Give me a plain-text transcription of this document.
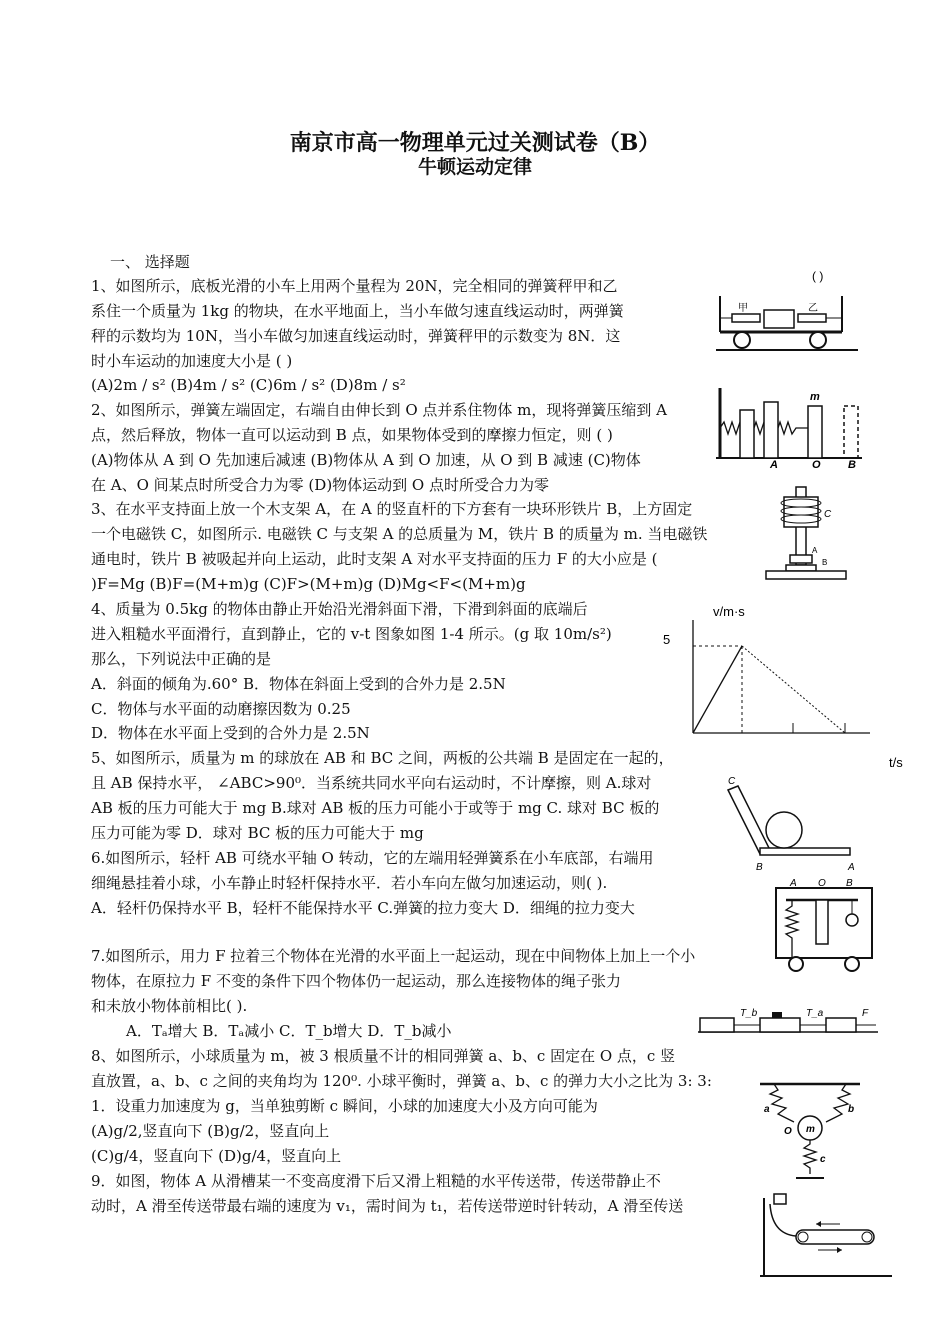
南京市高一物理单元过关测试卷（B）
牛顿运动定律
一、 选择题
1、如图所示，底板光滑的小车上用两个量程为 20N，完全相同的弹簧秤甲和乙
系住一个质量为 1kg 的物块，在水平地面上，当小车做匀速直线运动时，两弹簧
秤的示数均为 10N，当小车做匀加速直线运动时，弹簧秤甲的示数变为 8N．这
时小车运动的加速度大小是 ( )
(A)2m / s² (B)4m / s² (C)6m / s² (D)8m / s²
2、如图所示，弹簧左端固定，右端自由伸长到 O 点并系住物体 m，现将弹簧压缩到 A
点，然后释放，物体一直可以运动到 B 点，如果物体受到的摩擦力恒定，则 ( )
(A)物体从 A 到 O 先加速后减速 (B)物体从 A 到 O 加速，从 O 到 B 减速 (C)物体
在 A、O 间某点时所受合力为零 (D)物体运动到 O 点时所受合力为零
3、在水平支持面上放一个木支架 A，在 A 的竖直杆的下方套有一块环形铁片 B，上方固定
一个电磁铁 C，如图所示. 电磁铁 C 与支架 A 的总质量为 M，铁片 B 的质量为 m. 当电磁铁
通电时，铁片 B 被吸起并向上运动，此时支架 A 对水平支持面的压力 F 的大小应是 (
)F=Mg (B)F=(M+m)g (C)F>(M+m)g (D)Mg<F<(M+m)g
4、质量为 0.5kg 的物体由静止开始沿光滑斜面下滑，下滑到斜面的底端后
进入粗糙水平面滑行，直到静止，它的 v-t 图象如图 1-4 所示。(g 取 10m/s²)
那么，下列说法中正确的是
A．斜面的倾角为.60° B．物体在斜面上受到的合外力是 2.5N
C．物体与水平面的动磨擦因数为 0.25
D．物体在水平面上受到的合外力是 2.5N
5、如图所示，质量为 m 的球放在 AB 和 BC 之间，两板的公共端 B 是固定在一起的，
且 AB 保持水平， ∠ABC>90⁰．当系统共同水平向右运动时，不计摩擦，则 A.球对
AB 板的压力可能大于 mg B.球对 AB 板的压力可能小于或等于 mg C. 球对 BC 板的
压力可能为零 D．球对 BC 板的压力可能大于 mg
6.如图所示，轻杆 AB 可绕水平轴 O 转动，它的左端用轻弹簧系在小车底部，右端用
细绳悬挂着小球，小车静止时轻杆保持水平．若小车向左做匀加速运动，则( ).
A．轻杆仍保持水平 B，轻杆不能保持水平 C.弹簧的拉力变大 D．细绳的拉力变大
7.如图所示，用力 F 拉着三个物体在光滑的水平面上一起运动，现在中间物体上加上一个小
物体，在原拉力 F 不变的条件下四个物体仍一起运动，那么连接物体的绳子张力
和未放小物体前相比( ).
A．Tₐ增大 B．Tₐ减小 C．T_b增大 D．T_b减小
8、如图所示，小球质量为 m，被 3 根质量不计的相同弹簧 a、b、c 固定在 O 点，c 竖
直放置，a、b、c 之间的夹角均为 120⁰. 小球平衡时，弹簧 a、b、c 的弹力大小之比为 3: 3:
1．设重力加速度为 g，当单独剪断 c 瞬间，小球的加速度大小及方向可能为
(A)g/2,竖直向下 (B)g/2，竖直向上
(C)g/4，竖直向下 (D)g/4，竖直向上
9．如图，物体 A 从滑槽某一不变高度滑下后又滑上粗糙的水平传送带，传送带静止不
动时，A 滑至传送带最右端的速度为 v₁，需时间为 t₁，若传送带逆时针转动，A 滑至传送
( )
甲	乙
m
A	O B
C
B
A
v/m·s
5
t/s
C
B	A
A O B
T_b	T_a	F
a	b
O m
c
